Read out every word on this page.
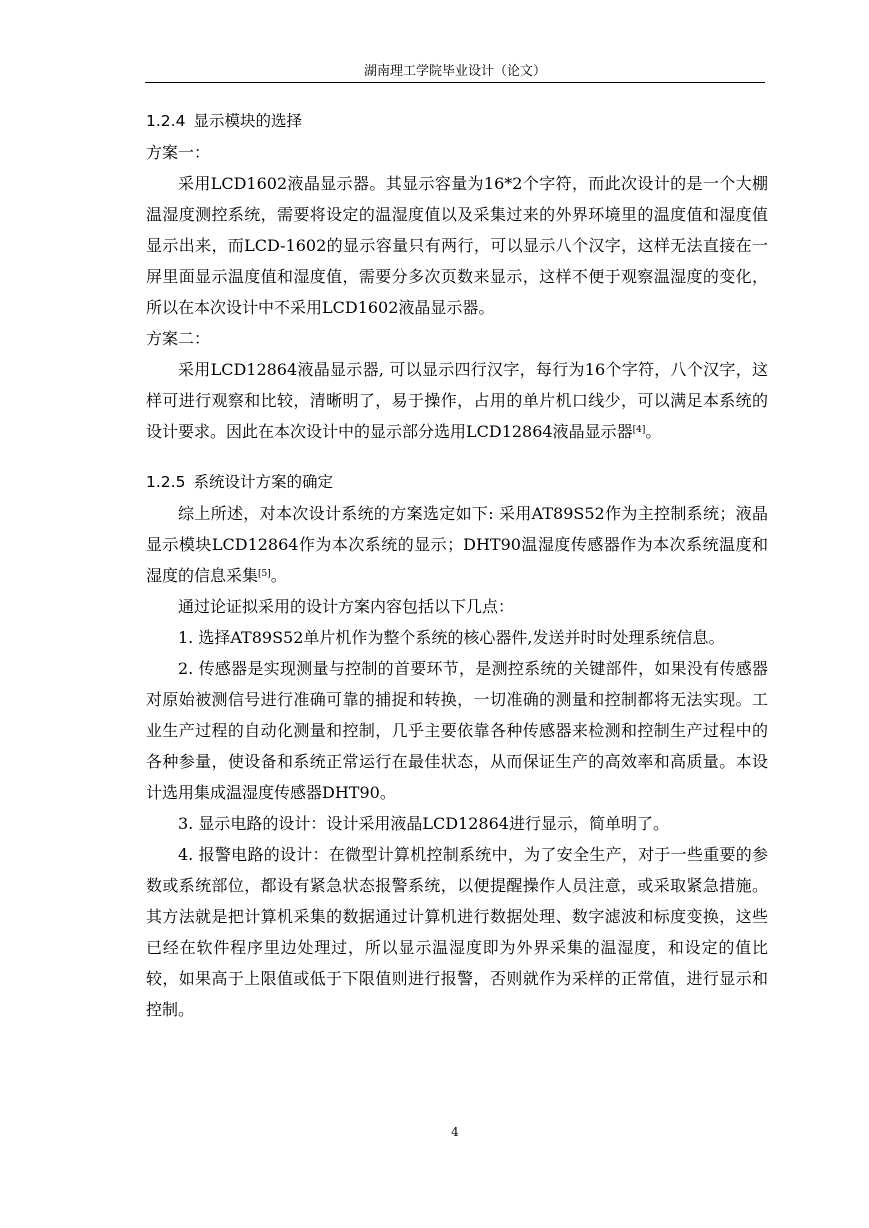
湖南理工学院毕业设计（论文）

1.2.4 显示模块的选择

方案一：

采用LCD1602液晶显示器。其显示容量为16*2个字符，而此次设计的是一个大棚温湿度测控系统，需要将设定的温湿度值以及采集过来的外界环境里的温度值和湿度值显示出来，而LCD-1602的显示容量只有两行，可以显示八个汉字，这样无法直接在一屏里面显示温度值和湿度值，需要分多次页数来显示，这样不便于观察温湿度的变化，所以在本次设计中不采用LCD1602液晶显示器。

方案二：

采用LCD12864液晶显示器, 可以显示四行汉字，每行为16个字符，八个汉字，这样可进行观察和比较，清晰明了，易于操作，占用的单片机口线少，可以满足本系统的设计要求。因此在本次设计中的显示部分选用LCD12864液晶显示器[4]。

1.2.5 系统设计方案的确定

综上所述，对本次设计系统的方案选定如下: 采用AT89S52作为主控制系统；液晶显示模块LCD12864作为本次系统的显示；DHT90温湿度传感器作为本次系统温度和湿度的信息采集[5]。

通过论证拟采用的设计方案内容包括以下几点：

1. 选择AT89S52单片机作为整个系统的核心器件,发送并时时处理系统信息。

2. 传感器是实现测量与控制的首要环节，是测控系统的关键部件，如果没有传感器对原始被测信号进行准确可靠的捕捉和转换，一切准确的测量和控制都将无法实现。工业生产过程的自动化测量和控制，几乎主要依靠各种传感器来检测和控制生产过程中的各种参量，使设备和系统正常运行在最佳状态，从而保证生产的高效率和高质量。本设计选用集成温湿度传感器DHT90。

3. 显示电路的设计：设计采用液晶LCD12864进行显示，简单明了。

4. 报警电路的设计：在微型计算机控制系统中，为了安全生产，对于一些重要的参数或系统部位，都设有紧急状态报警系统，以便提醒操作人员注意，或采取紧急措施。其方法就是把计算机采集的数据通过计算机进行数据处理、数字滤波和标度变换，这些已经在软件程序里边处理过，所以显示温湿度即为外界采集的温湿度，和设定的值比较，如果高于上限值或低于下限值则进行报警，否则就作为采样的正常值，进行显示和控制。

4
